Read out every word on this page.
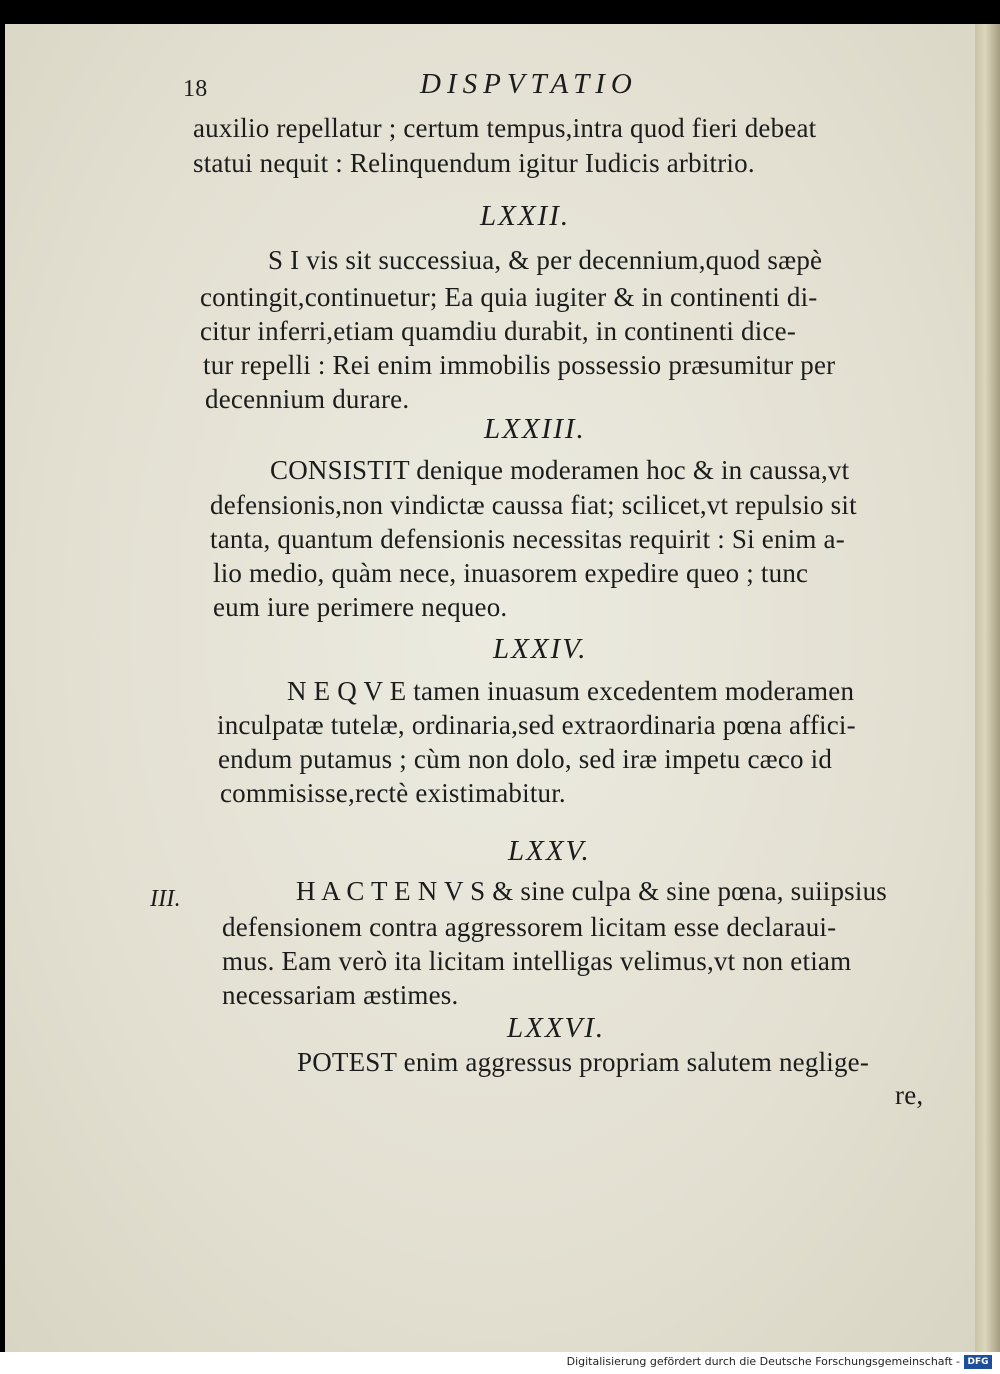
18	DISPVTATIO
auxilio repellatur ; certum tempus,intra quod fieri debeat
statui nequit : Relinquendum igitur Iudicis arbitrio.
LXXII.
S I vis sit successiua, & per decennium,quod sæpè
contingit,continuetur; Ea quia iugiter & in continenti di-
citur inferri,etiam quamdiu durabit, in continenti dice-
tur repelli : Rei enim immobilis possessio præsumitur per
decennium durare.
LXXIII.
CONSISTIT denique moderamen hoc & in caussa,vt
defensionis,non vindictæ caussa fiat; scilicet,vt repulsio sit
tanta, quantum defensionis necessitas requirit : Si enim a-
lio medio, quàm nece, inuasorem expedire queo ; tunc
eum iure perimere nequeo.
LXXIV.
N E Q V E tamen inuasum excedentem moderamen
inculpatæ tutelæ, ordinaria,sed extraordinaria pœna affici-
endum putamus ; cùm non dolo, sed iræ impetu cæco id
commisisse,rectè existimabitur.
LXXV.
III.	H A C T E N V S & sine culpa & sine pœna, suiipsius
defensionem contra aggressorem licitam esse declaraui-
mus. Eam verò ita licitam intelligas velimus,vt non etiam
necessariam æstimes.
LXXVI.
POTEST enim aggressus propriam salutem neglige-
re,
Digitalisierung gefördert durch die Deutsche Forschungsgemeinschaft - DFG
